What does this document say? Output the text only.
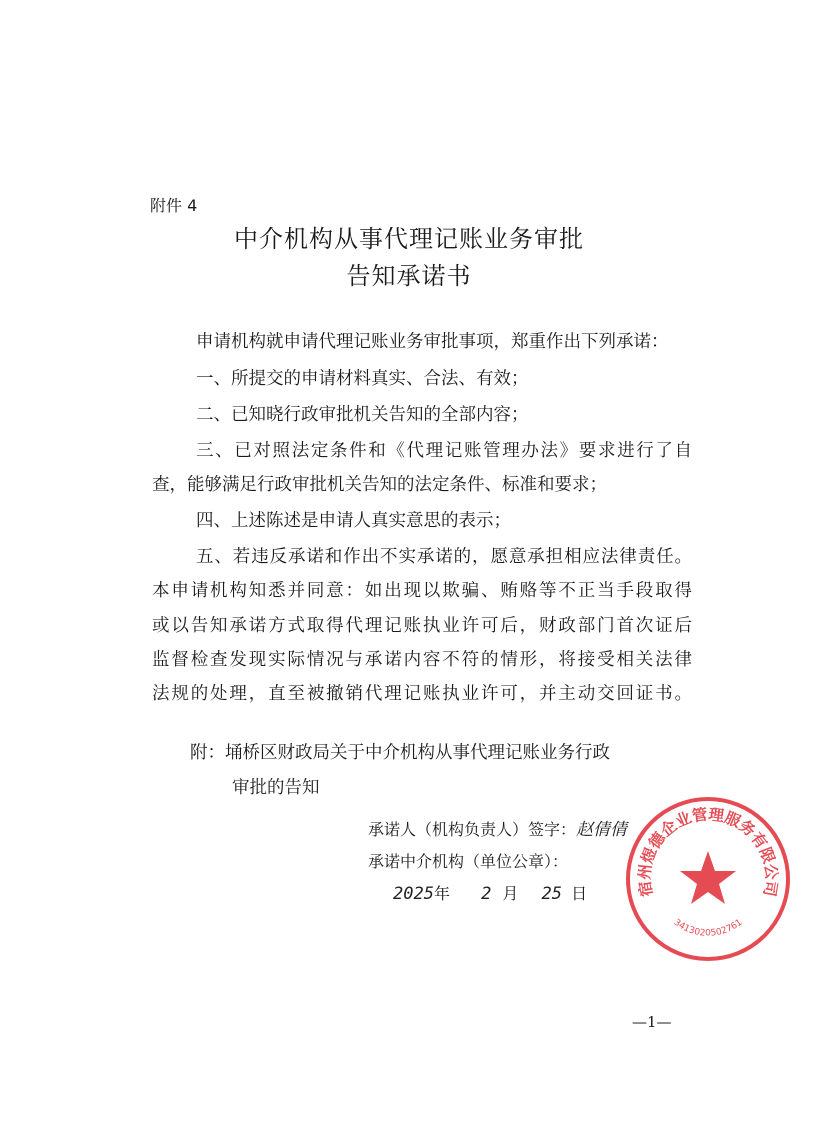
附件 4
中介机构从事代理记账业务审批
告知承诺书
申请机构就申请代理记账业务审批事项，郑重作出下列承诺：
一、所提交的申请材料真实、合法、有效；
二、已知晓行政审批机关告知的全部内容；
三、已对照法定条件和《代理记账管理办法》要求进行了自
查，能够满足行政审批机关告知的法定条件、标准和要求；
四、上述陈述是申请人真实意思的表示；
五、若违反承诺和作出不实承诺的，愿意承担相应法律责任。
本申请机构知悉并同意：如出现以欺骗、贿赂等不正当手段取得
或以告知承诺方式取得代理记账执业许可后，财政部门首次证后
监督检查发现实际情况与承诺内容不符的情形，将接受相关法律
法规的处理，直至被撤销代理记账执业许可，并主动交回证书。
附：埇桥区财政局关于中介机构从事代理记账业务行政
审批的告知
承诺人（机构负责人）签字：赵倩倩
承诺中介机构（单位公章）：
2025年 2 月 25 日	宿州煜德企业管理服务有限公司
3413020502761
—1—
